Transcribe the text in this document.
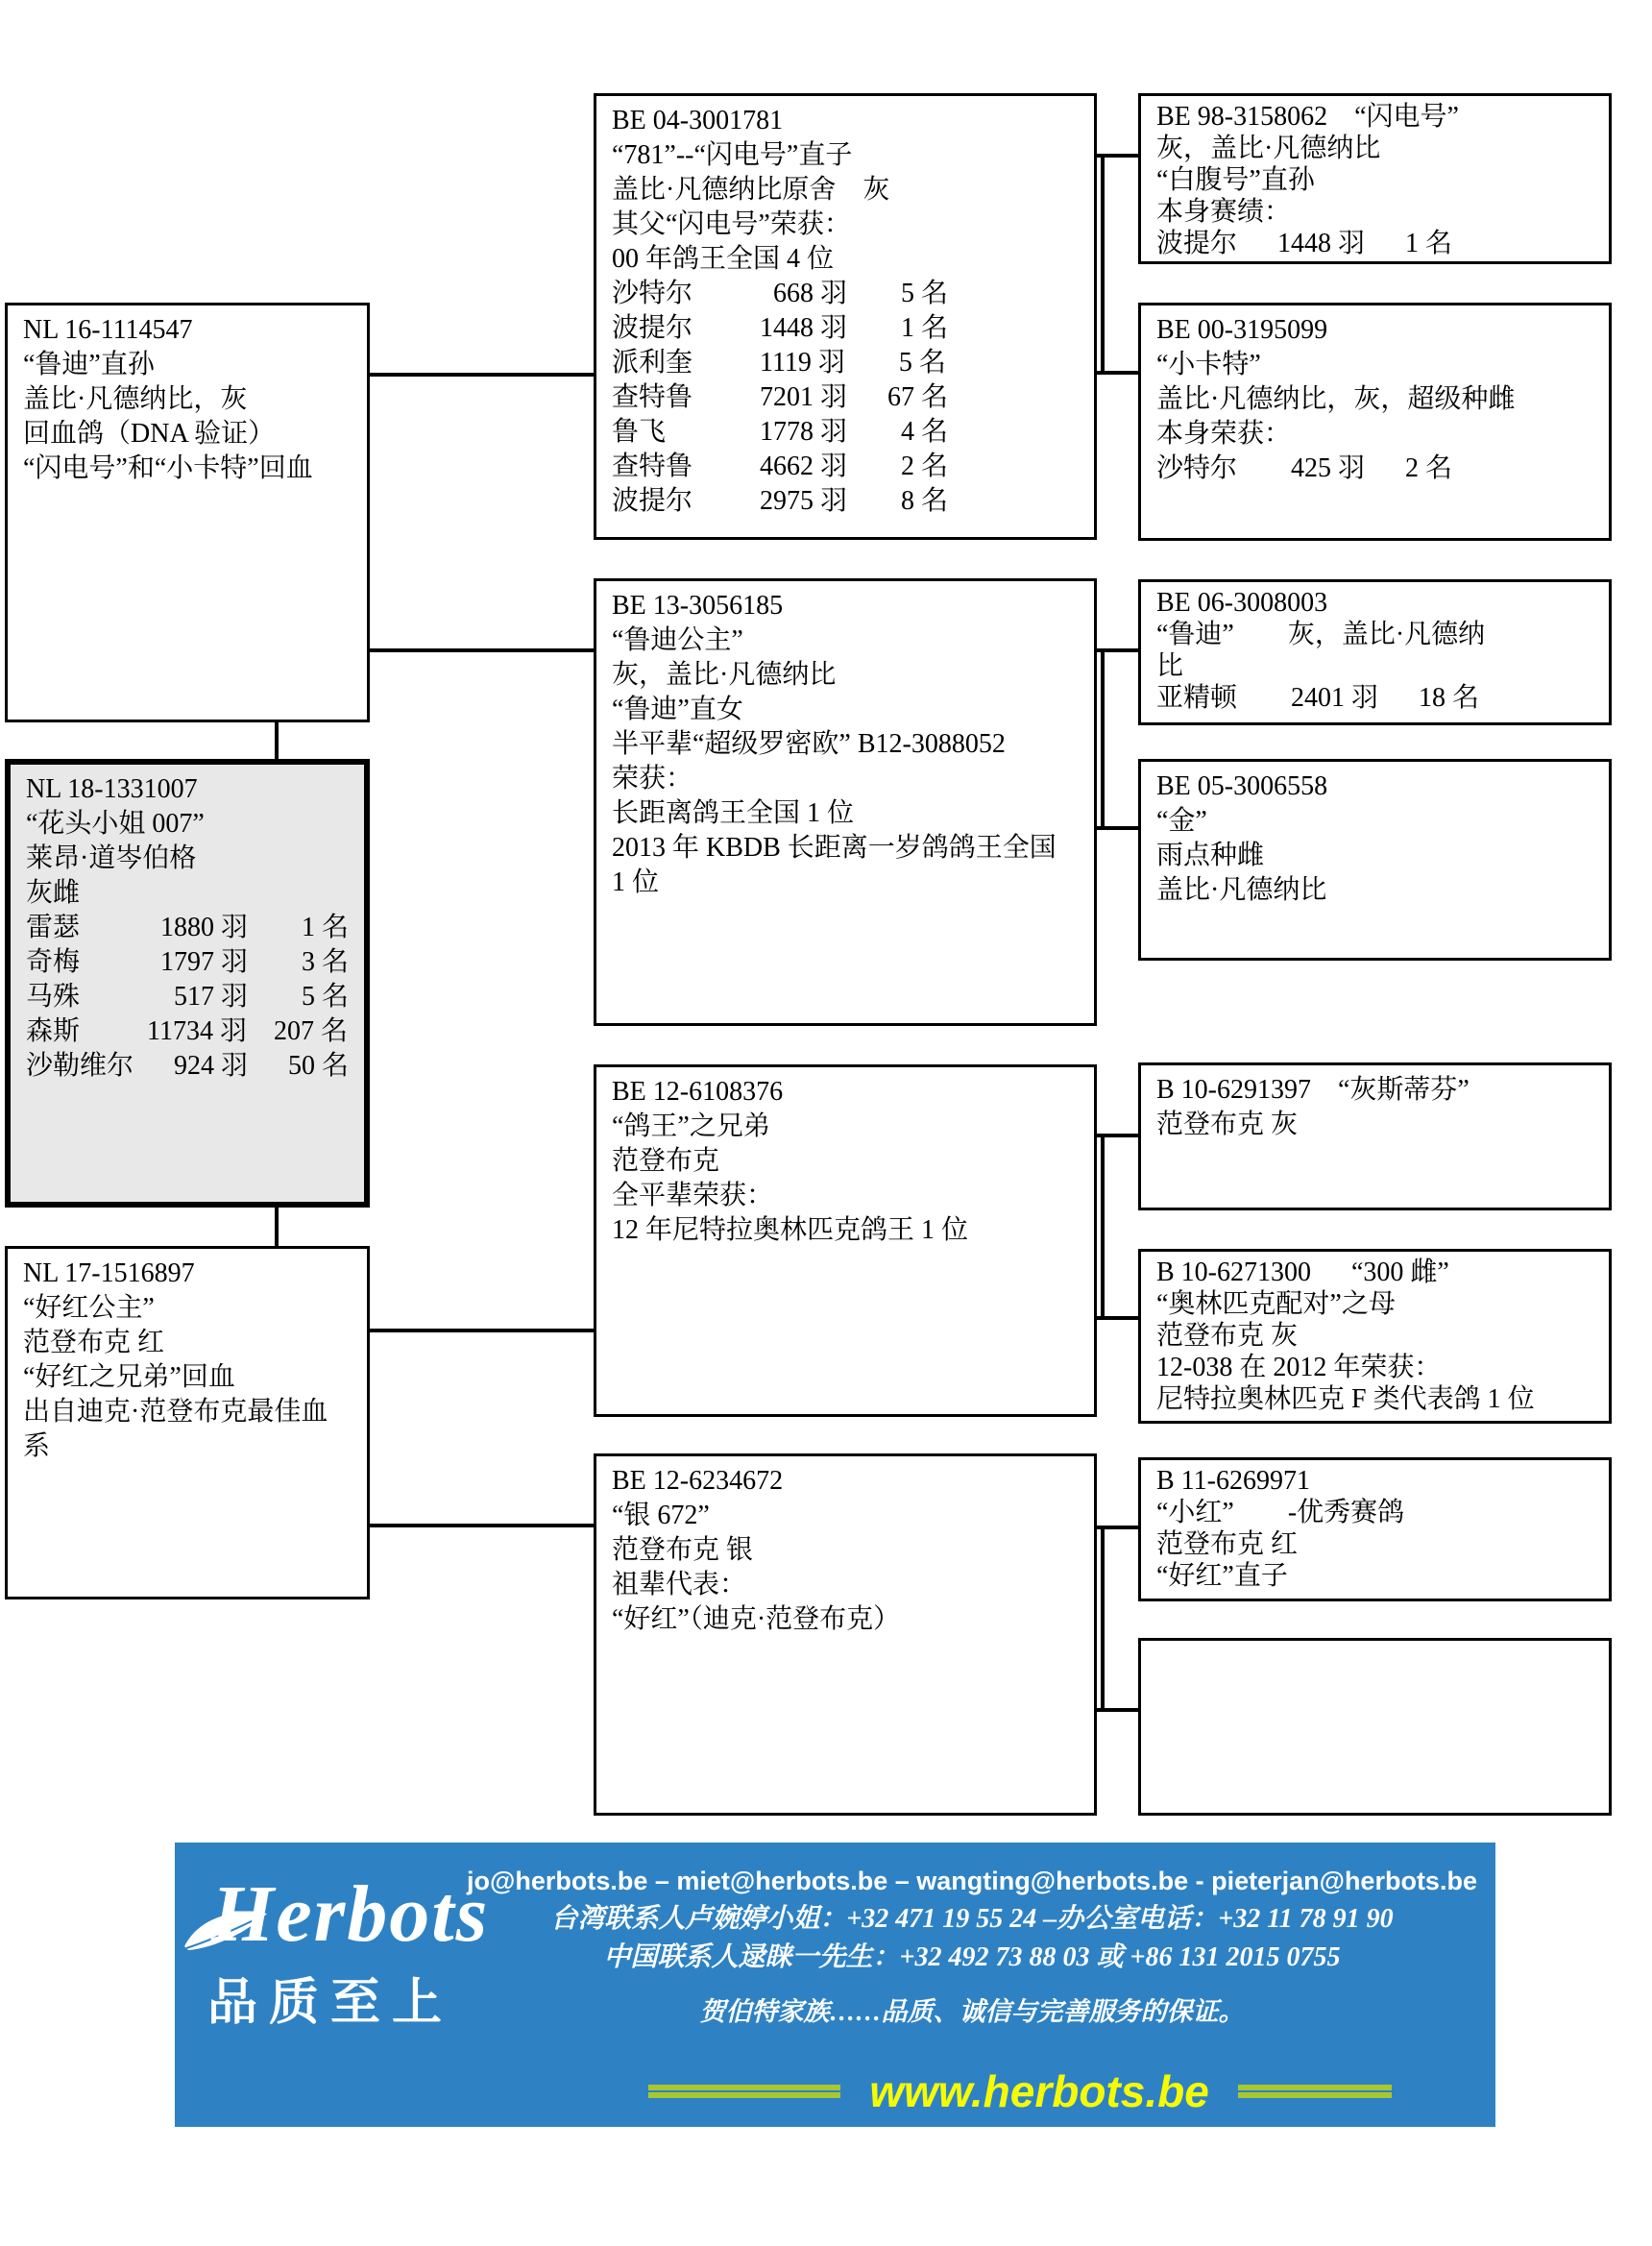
NL 16-1114547
“鲁迪”直孙
盖比·凡德纳比，灰
回血鸽（DNA 验证）
“闪电号”和“小卡特”回血
NL 18-1331007
“花头小姐 007”
莱昂·道岑伯格
灰雌
雷瑟            1880 羽        1 名
奇梅            1797 羽        3 名
马殊              517 羽        5 名
森斯          11734 羽    207 名
沙勒维尔      924 羽      50 名
NL 17-1516897
“好红公主”
范登布克 红
“好红之兄弟”回血
出自迪克·范登布克最佳血系
BE 04-3001781
“781”--“闪电号”直子
盖比·凡德纳比原舍    灰
其父“闪电号”荣获：
00 年鸽王全国 4 位
沙特尔            668 羽        5 名
波提尔          1448 羽        1 名
派利奎          1119 羽        5 名
查特鲁          7201 羽      67 名
鲁飞              1778 羽        4 名
查特鲁          4662 羽        2 名
波提尔          2975 羽        8 名
BE 13-3056185
“鲁迪公主”
灰，盖比·凡德纳比
“鲁迪”直女
半平辈“超级罗密欧” B12-3088052
荣获：
长距离鸽王全国 1 位
2013 年 KBDB 长距离一岁鸽鸽王全国
1 位
BE 12-6108376
“鸽王”之兄弟
范登布克
全平辈荣获：
12 年尼特拉奥林匹克鸽王 1 位
BE 12-6234672
“银 672”
范登布克 银
祖辈代表：
“好红”（迪克·范登布克）
BE 98-3158062    “闪电号”
灰，盖比·凡德纳比
“白腹号”直孙
本身赛绩：
波提尔      1448 羽      1 名
BE 00-3195099
“小卡特”
盖比·凡德纳比，灰，超级种雌
本身荣获：
沙特尔        425 羽      2 名
BE 06-3008003
“鲁迪”        灰，盖比·凡德纳
比
亚精顿        2401 羽      18 名
BE 05-3006558
“金”
雨点种雌
盖比·凡德纳比
B 10-6291397    “灰斯蒂芬”
范登布克 灰
B 10-6271300      “300 雌”
“奥林匹克配对”之母
范登布克 灰
12-038 在 2012 年荣获：
尼特拉奥林匹克 F 类代表鸽 1 位
B 11-6269971
“小红”        -优秀赛鸽
范登布克 红
“好红”直子
Herbots
品质至上
jo@herbots.be – miet@herbots.be – wangting@herbots.be - pieterjan@herbots.be
台湾联系人卢婉婷小姐：+32 471 19 55 24 –办公室电话：+32 11 78 91 90
中国联系人逯睐一先生：+32 492 73 88 03 或 +86 131 2015 0755
贺伯特家族……品质、诚信与完善服务的保证。
www.herbots.be
